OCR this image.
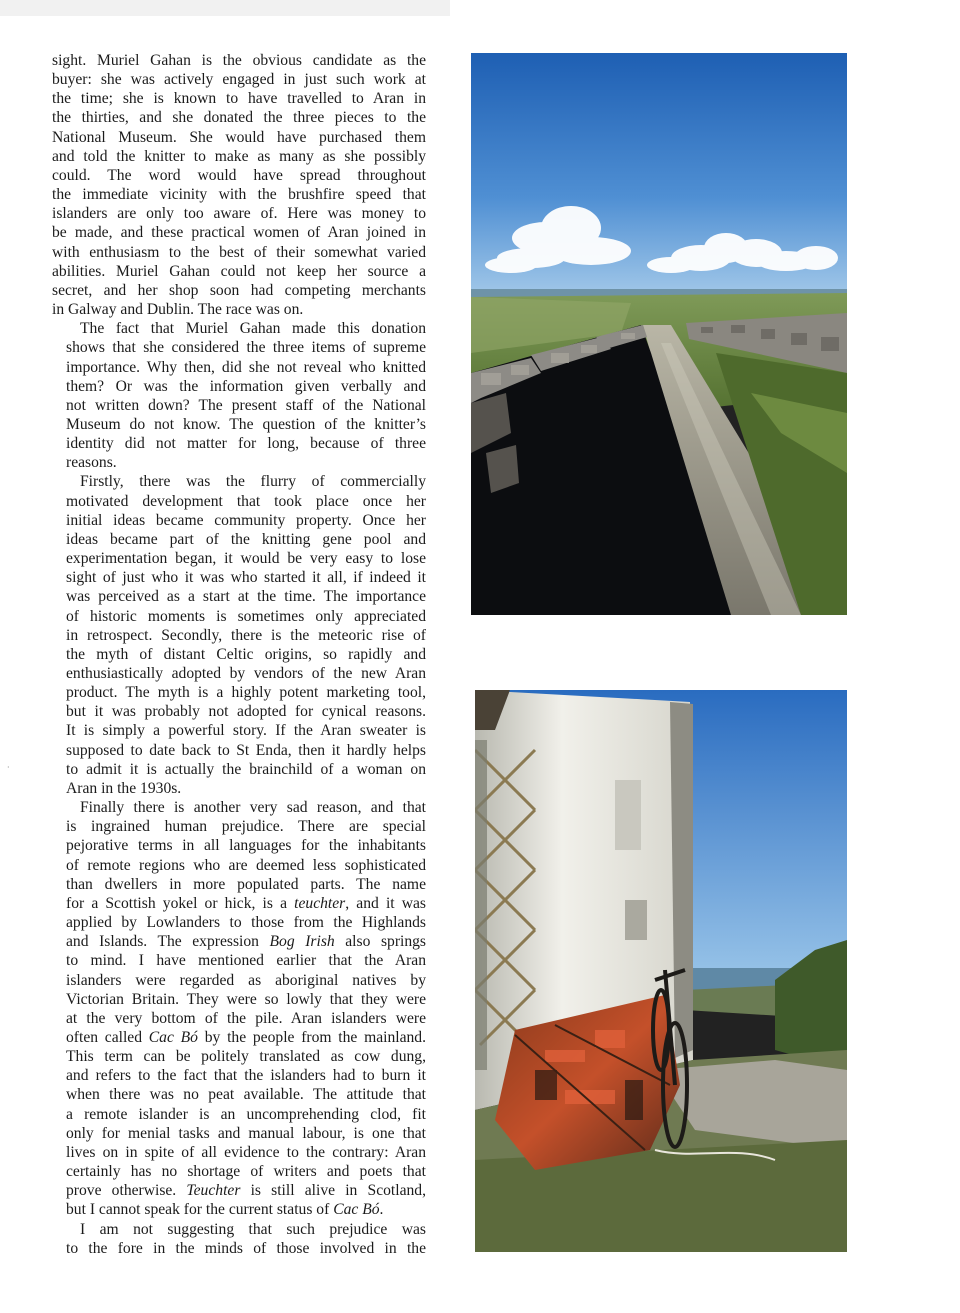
·

sight. Muriel Gahan is the obvious candidate as the
buyer: she was actively engaged in just such work at
the time; she is known to have travelled to Aran in
the thirties, and she donated the three pieces to the
National Museum. She would have purchased them
and told the knitter to make as many as she possibly
could. The word would have spread throughout
the immediate vicinity with the brushfire speed that
islanders are only too aware of. Here was money to
be made, and these practical women of Aran joined in
with enthusiasm to the best of their somewhat varied
abilities. Muriel Gahan could not keep her source a
secret, and her shop soon had competing merchants
in Galway and Dublin. The race was on.

The fact that Muriel Gahan made this donation
shows that she considered the three items of supreme
importance. Why then, did she not reveal who knitted
them? Or was the information given verbally and
not written down? The present staff of the National
Museum do not know. The question of the knitter’s
identity did not matter for long, because of three
reasons.

Firstly, there was the flurry of commercially
motivated development that took place once her
initial ideas became community property. Once her
ideas became part of the knitting gene pool and
experimentation began, it would be very easy to lose
sight of just who it was who started it all, if indeed it
was perceived as a start at the time. The importance
of historic moments is sometimes only appreciated
in retrospect. Secondly, there is the meteoric rise of
the myth of distant Celtic origins, so rapidly and
enthusiastically adopted by vendors of the new Aran
product. The myth is a highly potent marketing tool,
but it was probably not adopted for cynical reasons.
It is simply a powerful story. If the Aran sweater is
supposed to date back to St Enda, then it hardly helps
to admit it is actually the brainchild of a woman on
Aran in the 1930s.

Finally there is another very sad reason, and that
is ingrained human prejudice. There are special
pejorative terms in all languages for the inhabitants
of remote regions who are deemed less sophisticated
than dwellers in more populated parts. The name
for a Scottish yokel or hick, is a teuchter, and it was
applied by Lowlanders to those from the Highlands
and Islands. The expression Bog Irish also springs
to mind. I have mentioned earlier that the Aran
islanders were regarded as aboriginal natives by
Victorian Britain. They were so lowly that they were
at the very bottom of the pile. Aran islanders were
often called Cac Bó by the people from the mainland.
This term can be politely translated as cow dung,
and refers to the fact that the islanders had to burn it
when there was no peat available. The attitude that
a remote islander is an uncomprehending clod, fit
only for menial tasks and manual labour, is one that
lives on in spite of all evidence to the contrary: Aran
certainly has no shortage of writers and poets that
prove otherwise. Teuchter is still alive in Scotland,
but I cannot speak for the current status of Cac Bó.

I am not suggesting that such prejudice was
to the fore in the minds of those involved in the
